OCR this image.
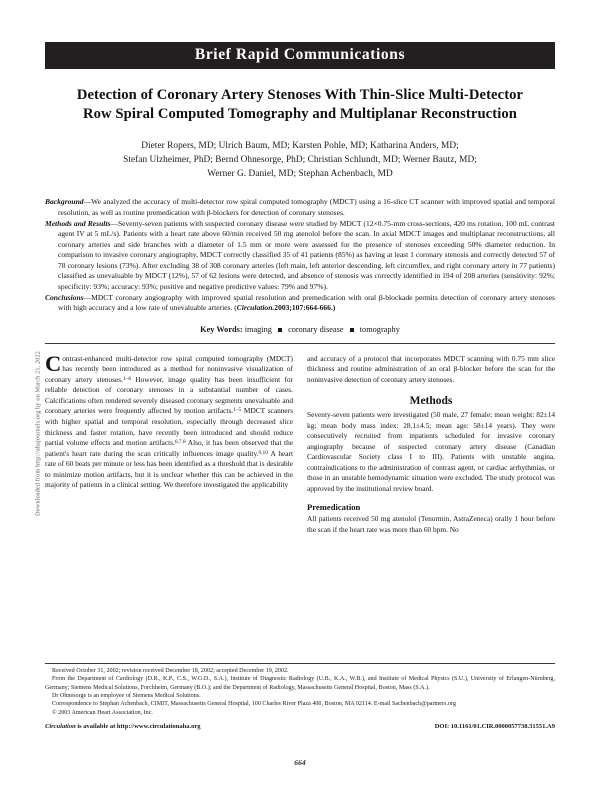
Downloaded from http://ahajournals.org by on March 21, 2022
Brief Rapid Communications
Detection of Coronary Artery Stenoses With Thin-Slice Multi-Detector Row Spiral Computed Tomography and Multiplanar Reconstruction
Dieter Ropers, MD; Ulrich Baum, MD; Karsten Pohle, MD; Katharina Anders, MD;
Stefan Ulzheimer, PhD; Bernd Ohnesorge, PhD; Christian Schlundt, MD; Werner Bautz, MD;
Werner G. Daniel, MD; Stephan Achenbach, MD

Background—We analyzed the accuracy of multi-detector row spiral computed tomography (MDCT) using a 16-slice CT scanner with improved spatial and temporal resolution, as well as routine premedication with β-blockers for detection of coronary stenoses.

Methods and Results—Seventy-seven patients with suspected coronary disease were studied by MDCT (12×0.75-mm cross-sections, 420 ms rotation, 100 mL contrast agent IV at 5 mL/s). Patients with a heart rate above 60/min received 50 mg atenolol before the scan. In axial MDCT images and multiplanar reconstructions, all coronary arteries and side branches with a diameter of 1.5 mm or more were assessed for the presence of stenoses exceeding 50% diameter reduction. In comparison to invasive coronary angiography, MDCT correctly classified 35 of 41 patients (85%) as having at least 1 coronary stenosis and correctly detected 57 of 78 coronary lesions (73%). After excluding 38 of 308 coronary arteries (left main, left anterior descending, left circumflex, and right coronary artery in 77 patients) classified as unevaluable by MDCT (12%), 57 of 62 lesions were detected, and absence of stenosis was correctly identified in 194 of 208 arteries (sensitivity: 92%; specificity: 93%; accuracy: 93%; positive and negative predictive values: 79% and 97%).

Conclusions—MDCT coronary angiography with improved spatial resolution and premedication with oral β-blockade permits detection of coronary artery stenoses with high accuracy and a low rate of unevaluable arteries. (Circulation.2003;107:664-666.)

Key Words: imaging coronary disease tomography

Contrast-enhanced multi-detector row spiral computed tomography (MDCT) has recently been introduced as a method for noninvasive visualization of coronary artery stenoses.$^{1-6}$ However, image quality has been insufficient for reliable detection of coronary stenoses in a substantial number of cases. Calcifications often rendered severely diseased coronary segments unevaluable and coronary arteries were frequently affected by motion artifacts.$^{1-5}$ MDCT scanners with higher spatial and temporal resolution, especially through decreased slice thickness and faster rotation, have recently been introduced and should reduce partial volume effects and motion artifacts.$^{6,7,8}$ Also, it has been observed that the patient's heart rate during the scan critically influences image quality.$^{9,10}$ A heart rate of 60 beats per minute or less has been identified as a threshold that is desirable to minimize motion artifacts, but it is unclear whether this can be achieved in the majority of patients in a clinical setting. We therefore investigated the applicability

and accuracy of a protocol that incorporates MDCT scanning with 0.75 mm slice thickness and routine administration of an oral β-blocker before the scan for the noninvasive detection of coronary artery stenoses.

Methods

Seventy-seven patients were investigated (50 male, 27 female; mean weight: 82±14 kg; mean body mass index: 28.1±4.5; mean age: 58±14 years). They were consecutively recruited from inpatients scheduled for invasive coronary angiography because of suspected coronary artery disease (Canadian Cardiovascular Society class I to III). Patients with unstable angina, contraindications to the administration of contrast agent, or cardiac arrhythmias, or those in an unstable hemodynamic situation were excluded. The study protocol was approved by the institutional review board.

Premedication

All patients received 50 mg atenolol (Tenormin, AstraZeneca) orally 1 hour before the scan if the heart rate was more than 60 bpm. No

Received October 31, 2002; revision received December 18, 2002; accepted December 19, 2002.

From the Department of Cardiology (D.R., K.P., C.S., W.G.D., S.A.), Institute of Diagnostic Radiology (U.B., K.A., W.B.), and Institute of Medical Physics (S.U.), University of Erlangen-Nürnberg, Germany; Siemens Medical Solutions, Forchheim, Germany (B.O.); and the Department of Radiology, Massachusetts General Hospital, Boston, Mass (S.A.).

Dr Ohnesorge is an employee of Siemens Medical Solutions.

Correspondence to Stephan Achenbach, CIMIT, Massachusetts General Hospital, 100 Charles River Plaza 400, Boston, MA 02114. E-mail Sachenbach@partners.org

© 2003 American Heart Association, Inc.

Circulation is available at http://www.circulationaha.org	DOI: 10.1161/01.CIR.0000057738.31551.A9
664
